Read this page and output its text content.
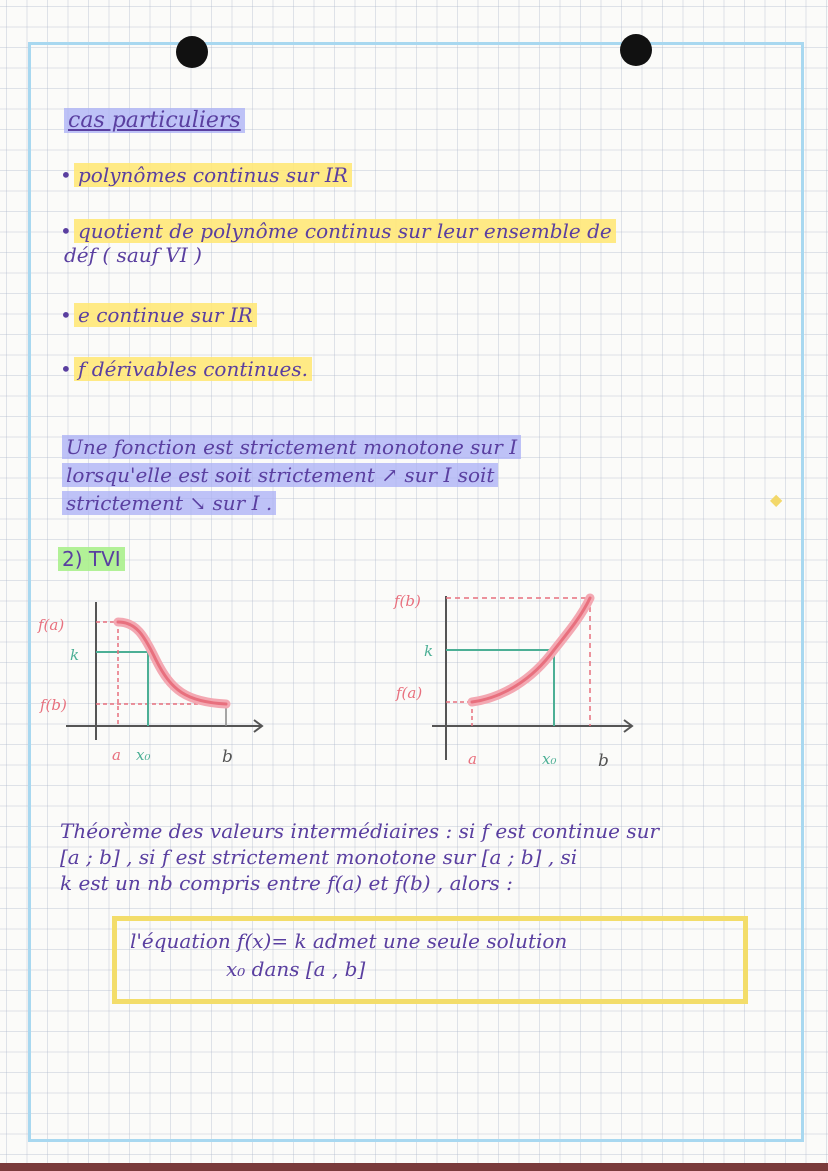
cas particuliers
• polynômes continus sur IR
• quotient de polynôme continus sur leur ensemble de
déf ( sauf VI )
• e continue sur IR
• f dérivables continues.
Une fonction est strictement monotone sur I
lorsqu'elle est soit strictement ↗ sur I soit
strictement ↘ sur I .	◆
2) TVI
f(a)
k
f(b)
a x₀	b
f(b)
k
f(a)
a	x₀ b
Théorème des valeurs intermédiaires : si f est continue sur
[a ; b] , si f est strictement monotone sur [a ; b] , si
k est un nb compris entre f(a) et f(b) , alors :
l'équation f(x)= k admet une seule solution
x₀ dans [a , b]
